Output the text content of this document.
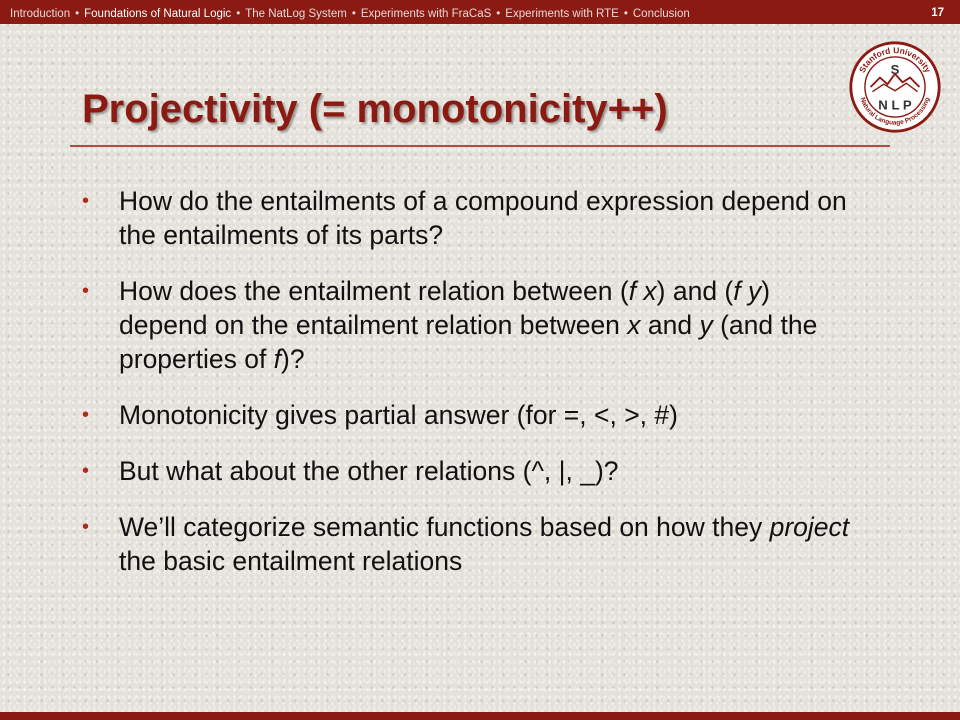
Introduction • Foundations of Natural Logic • The NatLog System • Experiments with FraCaS • Experiments with RTE • Conclusion	17
Stanford University
Natural Language Processing
S
N L P
Projectivity (= monotonicity++)
• How do the entailments of a compound expression depend on the entailments of its parts?
• How does the entailment relation between (f x) and (f y) depend on the entailment relation between x and y (and the properties of f)?
• Monotonicity gives partial answer (for =, <, >, #)
• But what about the other relations (^, |, _)?
• We’ll categorize semantic functions based on how they project the basic entailment relations
